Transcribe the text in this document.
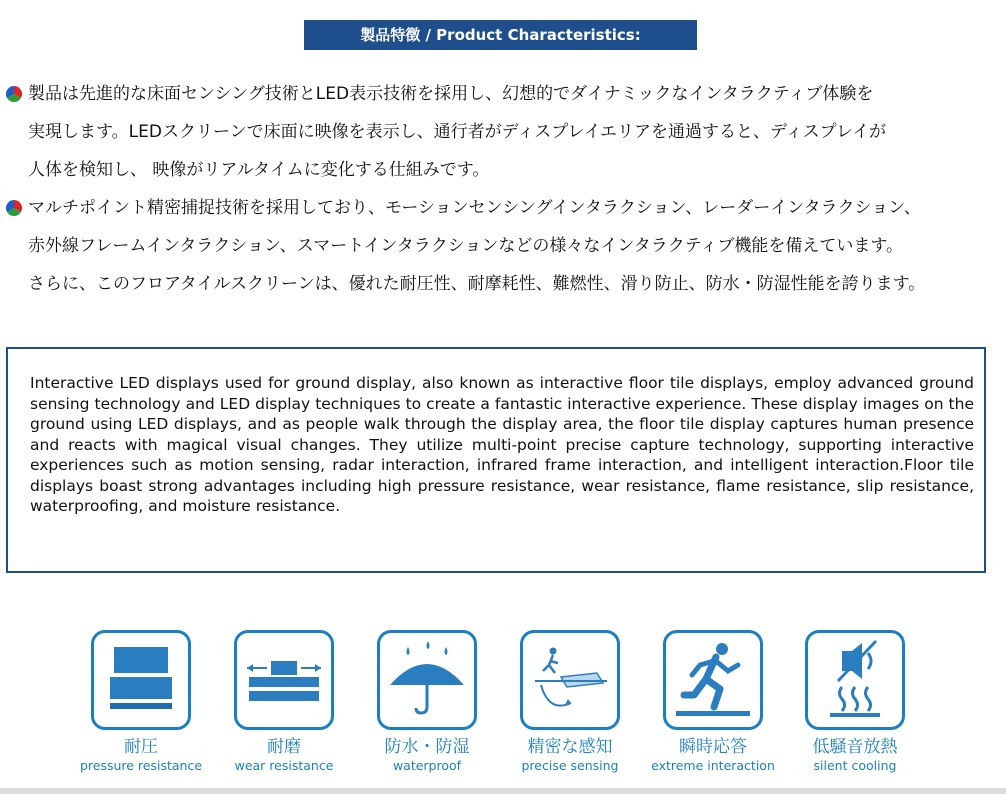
製品特徴 / Product Characteristics:
製品は先進的な床面センシング技術とLED表示技術を採用し、幻想的でダイナミックなインタラクティブ体験を
実現します。LEDスクリーンで床面に映像を表示し、通行者がディスプレイエリアを通過すると、ディスプレイが
人体を検知し、 映像がリアルタイムに変化する仕組みです。
マルチポイント精密捕捉技術を採用しており、モーションセンシングインタラクション、レーダーインタラクション、
赤外線フレームインタラクション、スマートインタラクションなどの様々なインタラクティブ機能を備えています。
さらに、このフロアタイルスクリーンは、優れた耐圧性、耐摩耗性、難燃性、滑り防止、防水・防湿性能を誇ります。
Interactive LED displays used for ground display, also known as interactive floor tile displays, employ advanced ground sensing technology and LED display techniques to create a fantastic interactive experience. These display images on the ground using LED displays, and as people walk through the display area, the floor tile display captures human presence and reacts with magical visual changes. They utilize multi-point precise capture technology, supporting interactive experiences such as motion sensing, radar interaction, infrared frame interaction, and intelligent interaction.Floor tile displays boast strong advantages including high pressure resistance, wear resistance, flame resistance, slip resistance, waterproofing, and moisture resistance.
耐圧
pressure resistance
耐磨
wear resistance
防水・防湿
waterproof
精密な感知
precise sensing
瞬時応答
extreme interaction
低騒音放熱
silent cooling
